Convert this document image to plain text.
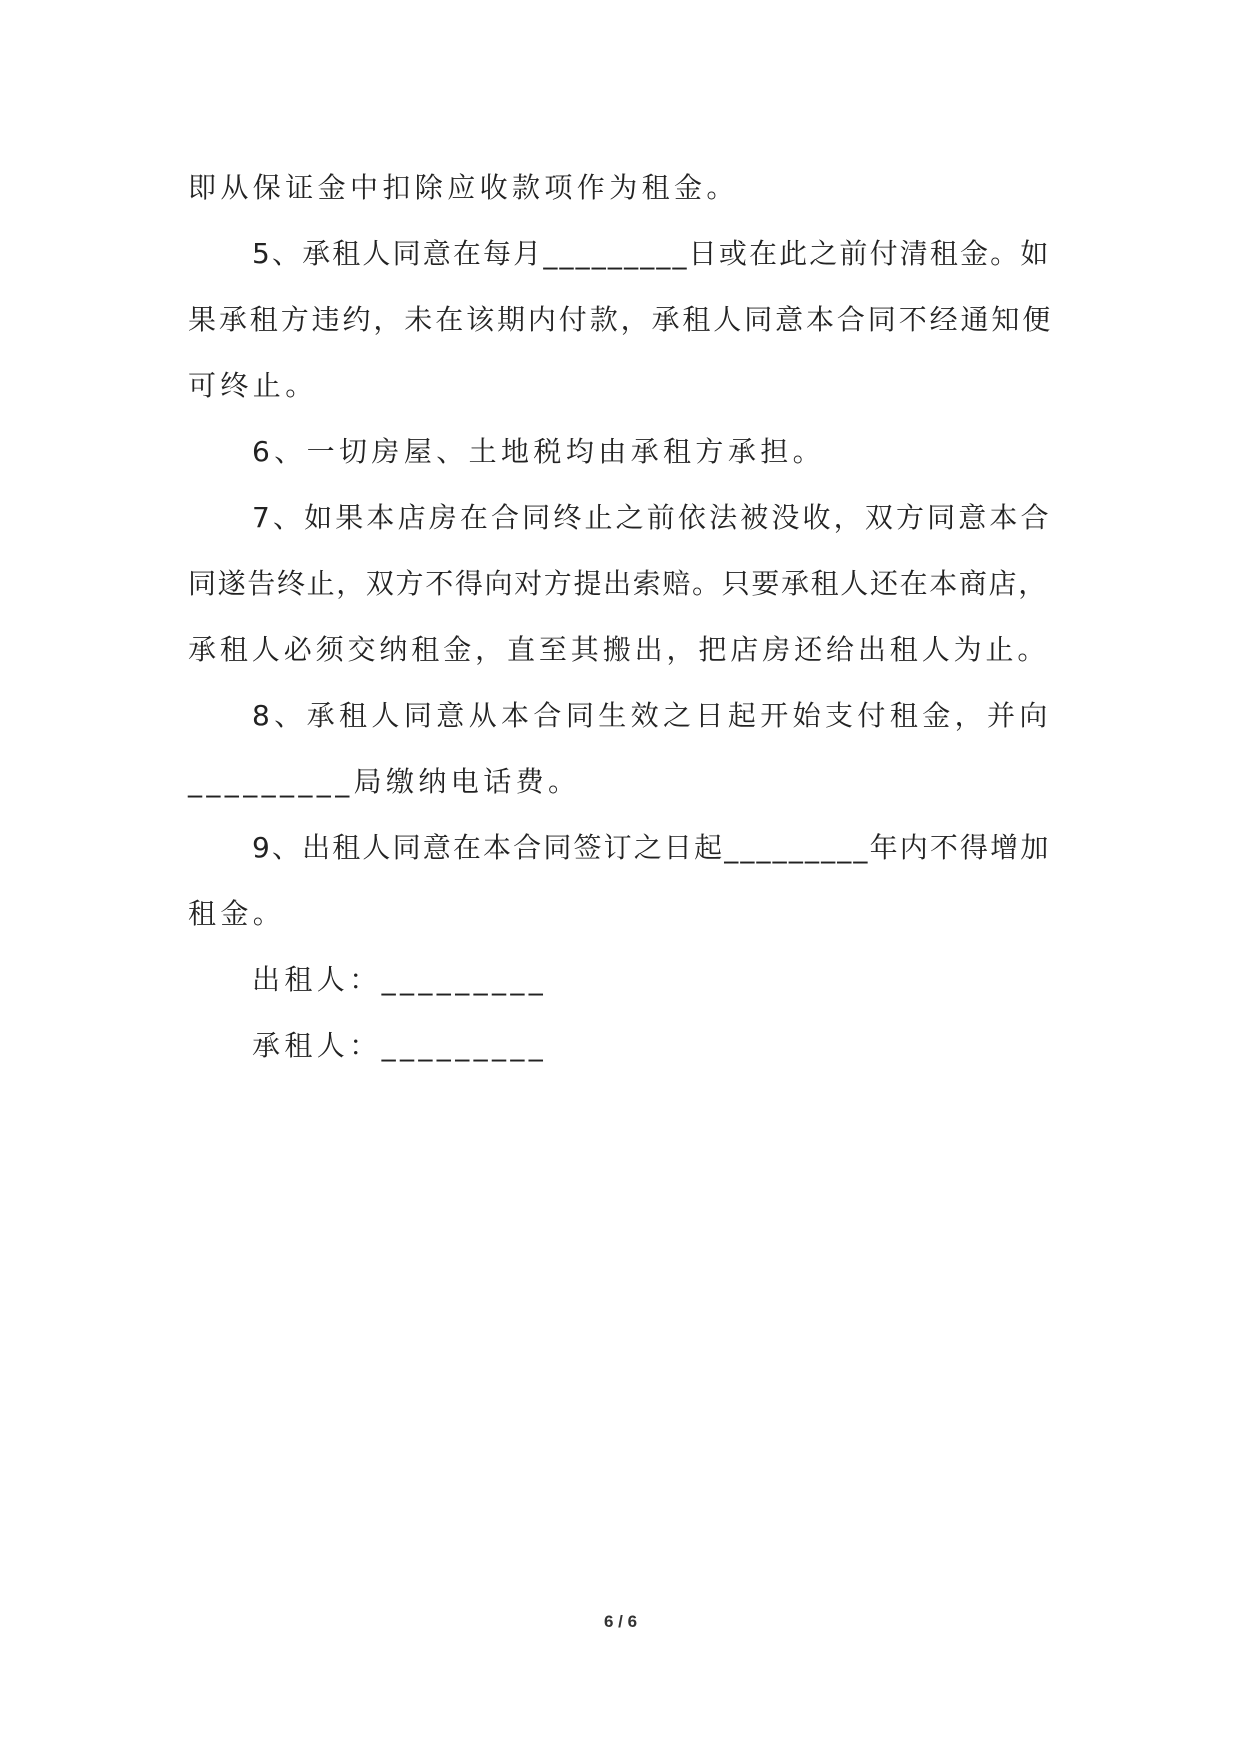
即从保证金中扣除应收款项作为租金。
5、承租人同意在每月_________日或在此之前付清租金。如
果承租方违约，未在该期内付款，承租人同意本合同不经通知便
可终止。
6、一切房屋、土地税均由承租方承担。
7、如果本店房在合同终止之前依法被没收，双方同意本合
同遂告终止，双方不得向对方提出索赔。只要承租人还在本商店，
承租人必须交纳租金，直至其搬出，把店房还给出租人为止。
8、承租人同意从本合同生效之日起开始支付租金，并向
_________局缴纳电话费。
9、出租人同意在本合同签订之日起_________年内不得增加
租金。
出租人：_________
承租人：_________
6 / 6
